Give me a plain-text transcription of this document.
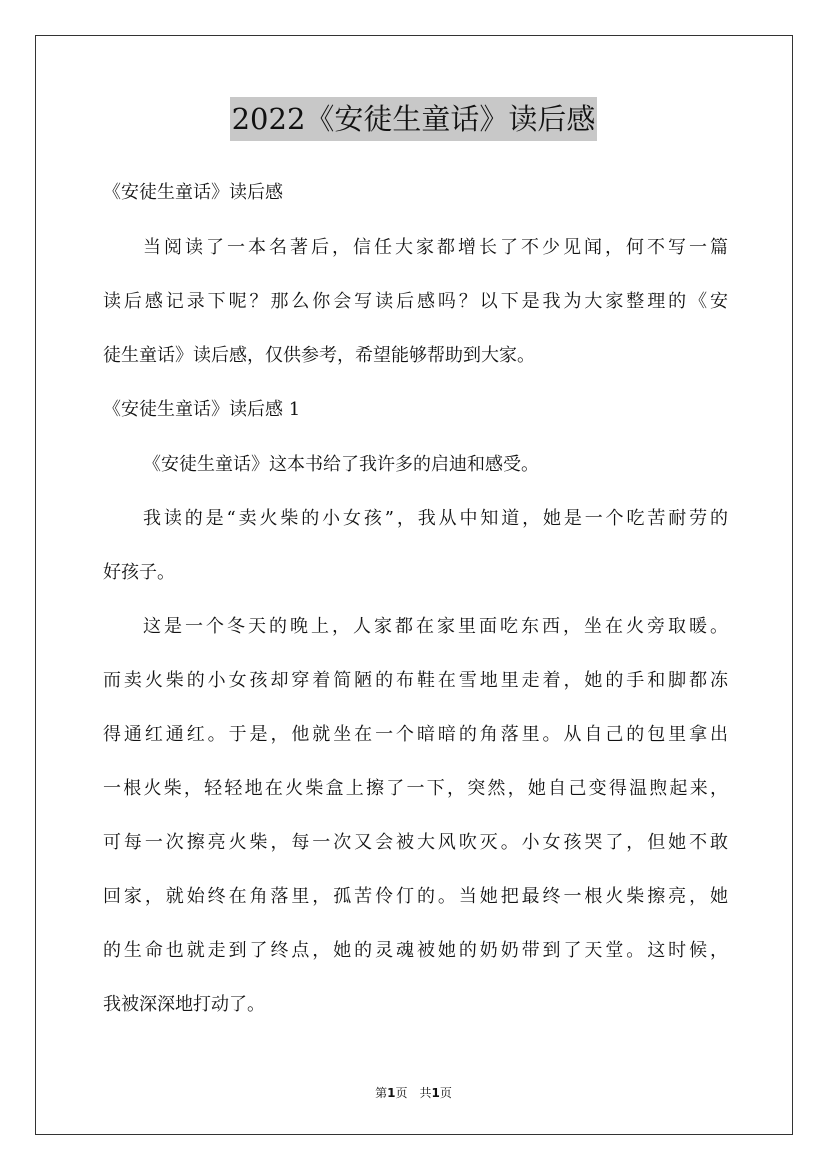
2022《安徒生童话》读后感
《安徒生童话》读后感
当阅读了一本名著后，信任大家都增长了不少见闻，何不写一篇
读后感记录下呢？那么你会写读后感吗？以下是我为大家整理的《安
徒生童话》读后感，仅供参考，希望能够帮助到大家。
《安徒生童话》读后感 1
《安徒生童话》这本书给了我许多的启迪和感受。
我读的是“卖火柴的小女孩”，我从中知道，她是一个吃苦耐劳的
好孩子。
这是一个冬天的晚上，人家都在家里面吃东西，坐在火旁取暖。
而卖火柴的小女孩却穿着简陋的布鞋在雪地里走着，她的手和脚都冻
得通红通红。于是，他就坐在一个暗暗的角落里。从自己的包里拿出
一根火柴，轻轻地在火柴盒上擦了一下，突然，她自己变得温煦起来，
可每一次擦亮火柴，每一次又会被大风吹灭。小女孩哭了，但她不敢
回家，就始终在角落里，孤苦伶仃的。当她把最终一根火柴擦亮，她
的生命也就走到了终点，她的灵魂被她的奶奶带到了天堂。这时候，
我被深深地打动了。
第1页　共1页
